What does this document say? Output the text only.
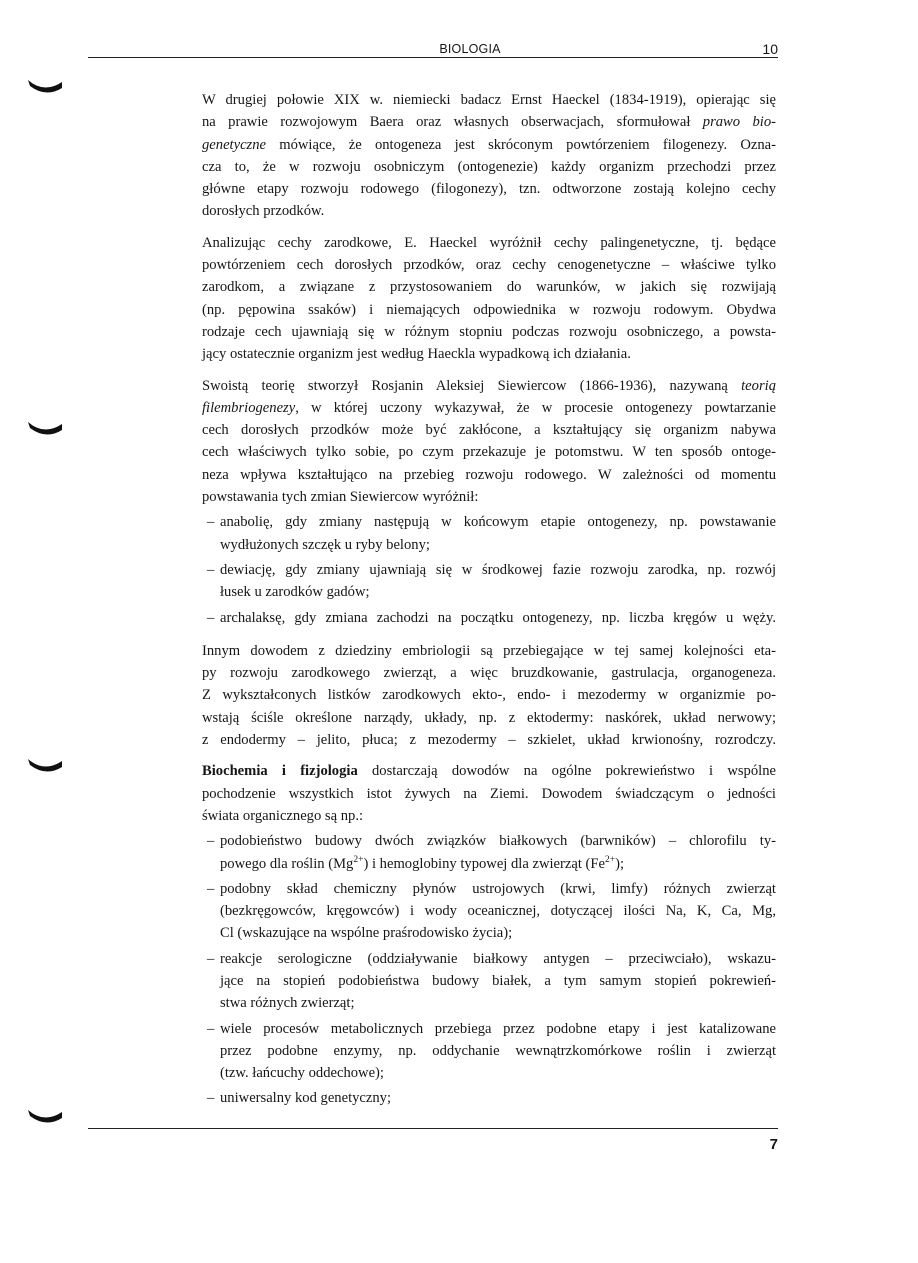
BIOLOGIA	10
W drugiej połowie XIX w. niemiecki badacz Ernst Haeckel (1834-1919), opierając się
na prawie rozwojowym Baera oraz własnych obserwacjach, sformułował prawo bio-
genetyczne mówiące, że ontogeneza jest skróconym powtórzeniem filogenezy. Ozna-
cza to, że w rozwoju osobniczym (ontogenezie) każdy organizm przechodzi przez
główne etapy rozwoju rodowego (filogonezy), tzn. odtworzone zostają kolejno cechy
dorosłych przodków.
Analizując cechy zarodkowe, E. Haeckel wyróżnił cechy palingenetyczne, tj. będące
powtórzeniem cech dorosłych przodków, oraz cechy cenogenetyczne – właściwe tylko
zarodkom, a związane z przystosowaniem do warunków, w jakich się rozwijają
(np. pępowina ssaków) i niemających odpowiednika w rozwoju rodowym. Obydwa
rodzaje cech ujawniają się w różnym stopniu podczas rozwoju osobniczego, a powsta-
jący ostatecznie organizm jest według Haeckla wypadkową ich działania.
Swoistą teorię stworzył Rosjanin Aleksiej Siewiercow (1866-1936), nazywaną teorią
filembriogenezy, w której uczony wykazywał, że w procesie ontogenezy powtarzanie
cech dorosłych przodków może być zakłócone, a kształtujący się organizm nabywa
cech właściwych tylko sobie, po czym przekazuje je potomstwu. W ten sposób ontoge-
neza wpływa kształtująco na przebieg rozwoju rodowego. W zależności od momentu
powstawania tych zmian Siewiercow wyróżnił:
– anabolię, gdy zmiany następują w końcowym etapie ontogenezy, np. powstawanie
wydłużonych szczęk u ryby belony;
– dewiację, gdy zmiany ujawniają się w środkowej fazie rozwoju zarodka, np. rozwój
łusek u zarodków gadów;
– archalaksę, gdy zmiana zachodzi na początku ontogenezy, np. liczba kręgów u węży.
Innym dowodem z dziedziny embriologii są przebiegające w tej samej kolejności eta-
py rozwoju zarodkowego zwierząt, a więc bruzdkowanie, gastrulacja, organogeneza.
Z wykształconych listków zarodkowych ekto-, endo- i mezodermy w organizmie po-
wstają ściśle określone narządy, układy, np. z ektodermy: naskórek, układ nerwowy;
z endodermy – jelito, płuca; z mezodermy – szkielet, układ krwionośny, rozrodczy.
Biochemia i fizjologia dostarczają dowodów na ogólne pokrewieństwo i wspólne
pochodzenie wszystkich istot żywych na Ziemi. Dowodem świadczącym o jedności
świata organicznego są np.:
– podobieństwo budowy dwóch związków białkowych (barwników) – chlorofilu ty-
powego dla roślin $(Mg^{2+})$ i hemoglobiny typowej dla zwierząt $(Fe^{2+})$;
– podobny skład chemiczny płynów ustrojowych (krwi, limfy) różnych zwierząt
(bezkręgowców, kręgowców) i wody oceanicznej, dotyczącej ilości Na, K, Ca, Mg,
Cl (wskazujące na wspólne praśrodowisko życia);
– reakcje serologiczne (oddziaływanie białkowy antygen – przeciwciało), wskazu-
jące na stopień podobieństwa budowy białek, a tym samym stopień pokrewień-
stwa różnych zwierząt;
– wiele procesów metabolicznych przebiega przez podobne etapy i jest katalizowane
przez podobne enzymy, np. oddychanie wewnątrzkomórkowe roślin i zwierząt
(tzw. łańcuchy oddechowe);
– uniwersalny kod genetyczny;
7
